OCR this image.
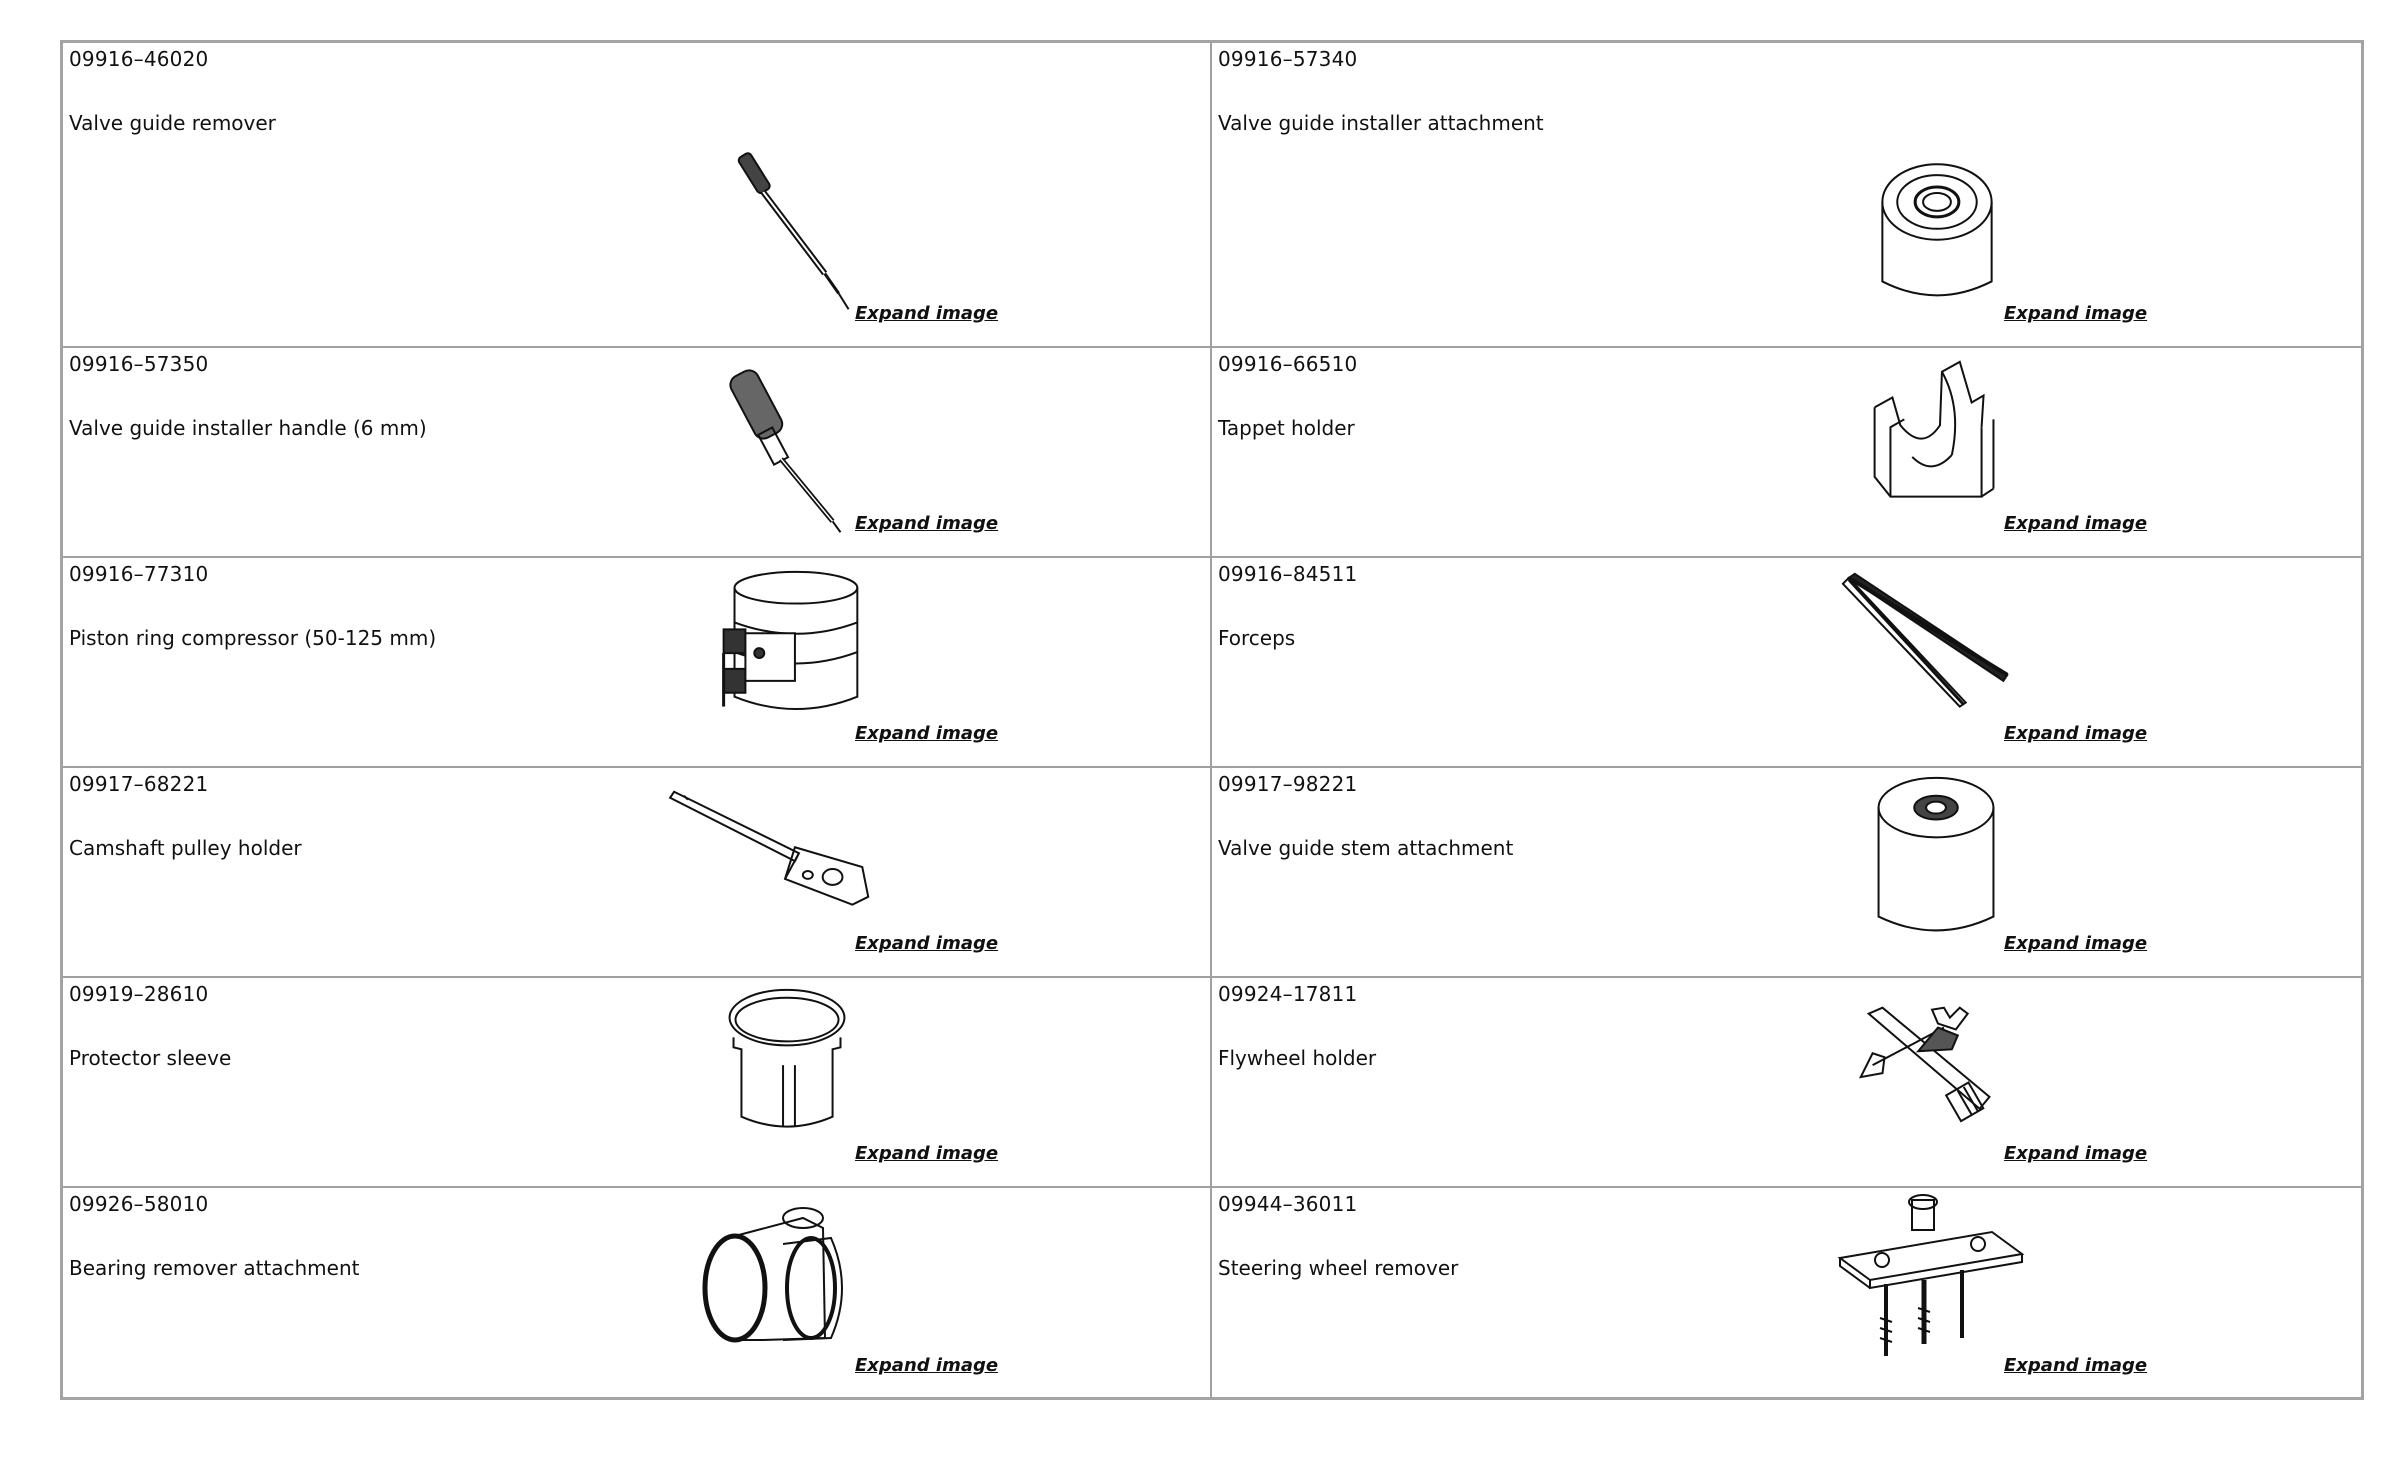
09916–46020
Valve guide remover
Expand image
09916–57340
Valve guide installer attachment
Expand image
09916–57350
Valve guide installer handle (6 mm)
Expand image
09916–66510
Tappet holder
Expand image
09916–77310
Piston ring compressor (50-125 mm)
Expand image
09916–84511
Forceps
Expand image
09917–68221
Camshaft pulley holder
Expand image
09917–98221
Valve guide stem attachment
Expand image
09919–28610
Protector sleeve
Expand image
09924–17811
Flywheel holder
Expand image
09926–58010
Bearing remover attachment
Expand image
09944–36011
Steering wheel remover
Expand image
